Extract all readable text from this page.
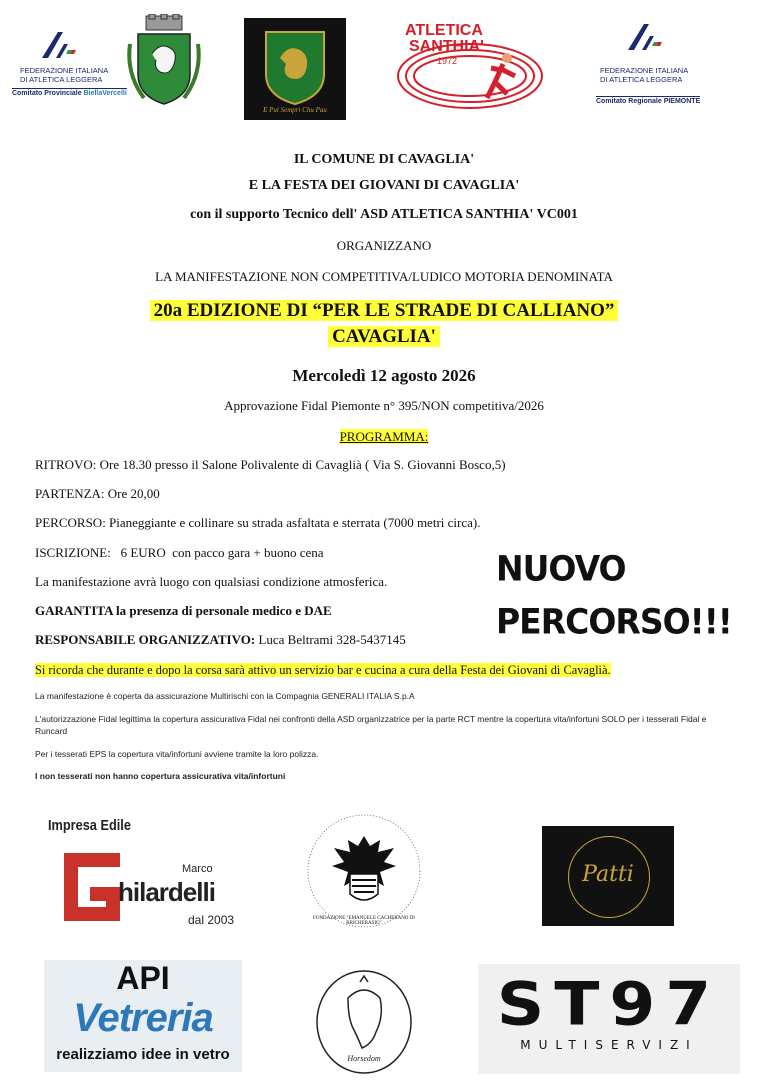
FEDERAZIONE ITALIANA
DI ATLETICA LEGGERA
Comitato Provinciale BiellaVercelli
E Pui Sempri Chu Pau
ATLETICA
SANTHIA'
1972
FEDERAZIONE ITALIANA
DI ATLETICA LEGGERA
Comitato Regionale PIEMONTE
IL COMUNE DI CAVAGLIA'
E LA FESTA DEI GIOVANI DI CAVAGLIA'
con il supporto Tecnico dell' ASD ATLETICA SANTHIA' VC001
ORGANIZZANO
LA MANIFESTAZIONE NON COMPETITIVA/LUDICO MOTORIA DENOMINATA
20a EDIZIONE DI “PER LE STRADE DI CALLIANO”
CAVAGLIA'
Mercoledì 12 agosto 2026
Approvazione Fidal Piemonte n° 395/NON competitiva/2026
PROGRAMMA:
RITROVO: Ore 18.30 presso il Salone Polivalente di Cavaglià ( Via S. Giovanni Bosco,5)
PARTENZA: Ore 20,00
PERCORSO: Pianeggiante e collinare su strada asfaltata e sterrata (7000 metri circa).
ISCRIZIONE:   6 EURO  con pacco gara + buono cena
La manifestazione avrà luogo con qualsiasi condizione atmosferica.
GARANTITA la presenza di personale medico e DAE
RESPONSABILE ORGANIZZATIVO: Luca Beltrami 328-5437145
NUOVO
PERCORSO!!!
Si ricorda che durante e dopo la corsa sarà attivo un servizio bar e cucina a cura della Festa dei Giovani di Cavaglià.
La manifestazione è coperta da assicurazione Multirischi con la Compagnia GENERALI ITALIA S.p.A
L'autorizzazione Fidal legittima la copertura assicurativa Fidal nei confronti della ASD organizzatrice per la parte RCT mentre la copertura vita/infortuni SOLO per i tesserati Fidal e Runcard
Per i tesserati EPS la copertura vita/infortuni avviene tramite la loro polizza.
I non tesserati non hanno copertura assicurativa vita/infortuni
Impresa Edile
Marco
hilardelli
dal 2003	FONDAZIONE "EMANUELE CACHERANO DI BRICHERASIO"
Patti
API
Vetreria
realizziamo idee in vetro	Horsedom
ST97
MULTISERVIZI
